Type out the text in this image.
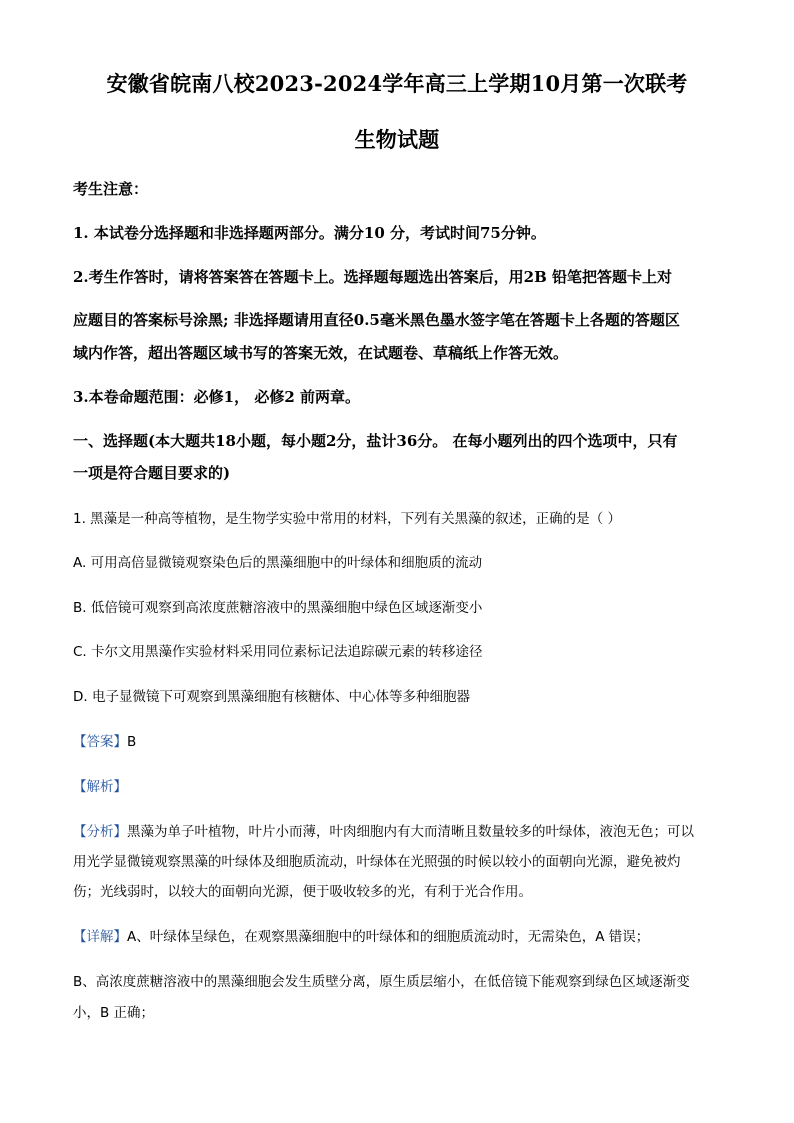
安徽省皖南八校2023-2024学年高三上学期10月第一次联考
生物试题
考生注意：
1. 本试卷分选择题和非选择题两部分。满分10 分，考试时间75分钟。
2.考生作答时，请将答案答在答题卡上。选择题每题选出答案后，用2B 铅笔把答题卡上对
应题目的答案标号涂黑; 非选择题请用直径0.5毫米黑色墨水签字笔在答题卡上各题的答题区
域内作答，超出答题区域书写的答案无效，在试题卷、草稿纸上作答无效。
3.本卷命题范围：必修1， 必修2 前两章。
一、选择题(本大题共18小题，每小题2分，盐计36分。 在每小题列出的四个选项中，只有
一项是符合题目要求的)
1. 黑藻是一种高等植物，是生物学实验中常用的材料，下列有关黑藻的叙述，正确的是（ ）
A. 可用高倍显微镜观察染色后的黑藻细胞中的叶绿体和细胞质的流动
B. 低倍镜可观察到高浓度蔗糖溶液中的黑藻细胞中绿色区域逐渐变小
C. 卡尔文用黑藻作实验材料采用同位素标记法追踪碳元素的转移途径
D. 电子显微镜下可观察到黑藻细胞有核糖体、中心体等多种细胞器
【答案】B
【解析】
【分析】黑藻为单子叶植物，叶片小而薄，叶肉细胞内有大而清晰且数量较多的叶绿体，液泡无色；可以
用光学显微镜观察黑藻的叶绿体及细胞质流动，叶绿体在光照强的时候以较小的面朝向光源，避免被灼
伤；光线弱时，以较大的面朝向光源，便于吸收较多的光，有利于光合作用。
【详解】A、叶绿体呈绿色，在观察黑藻细胞中的叶绿体和的细胞质流动时，无需染色，A 错误；
B、高浓度蔗糖溶液中的黑藻细胞会发生质壁分离，原生质层缩小，在低倍镜下能观察到绿色区域逐渐变
小，B 正确；
